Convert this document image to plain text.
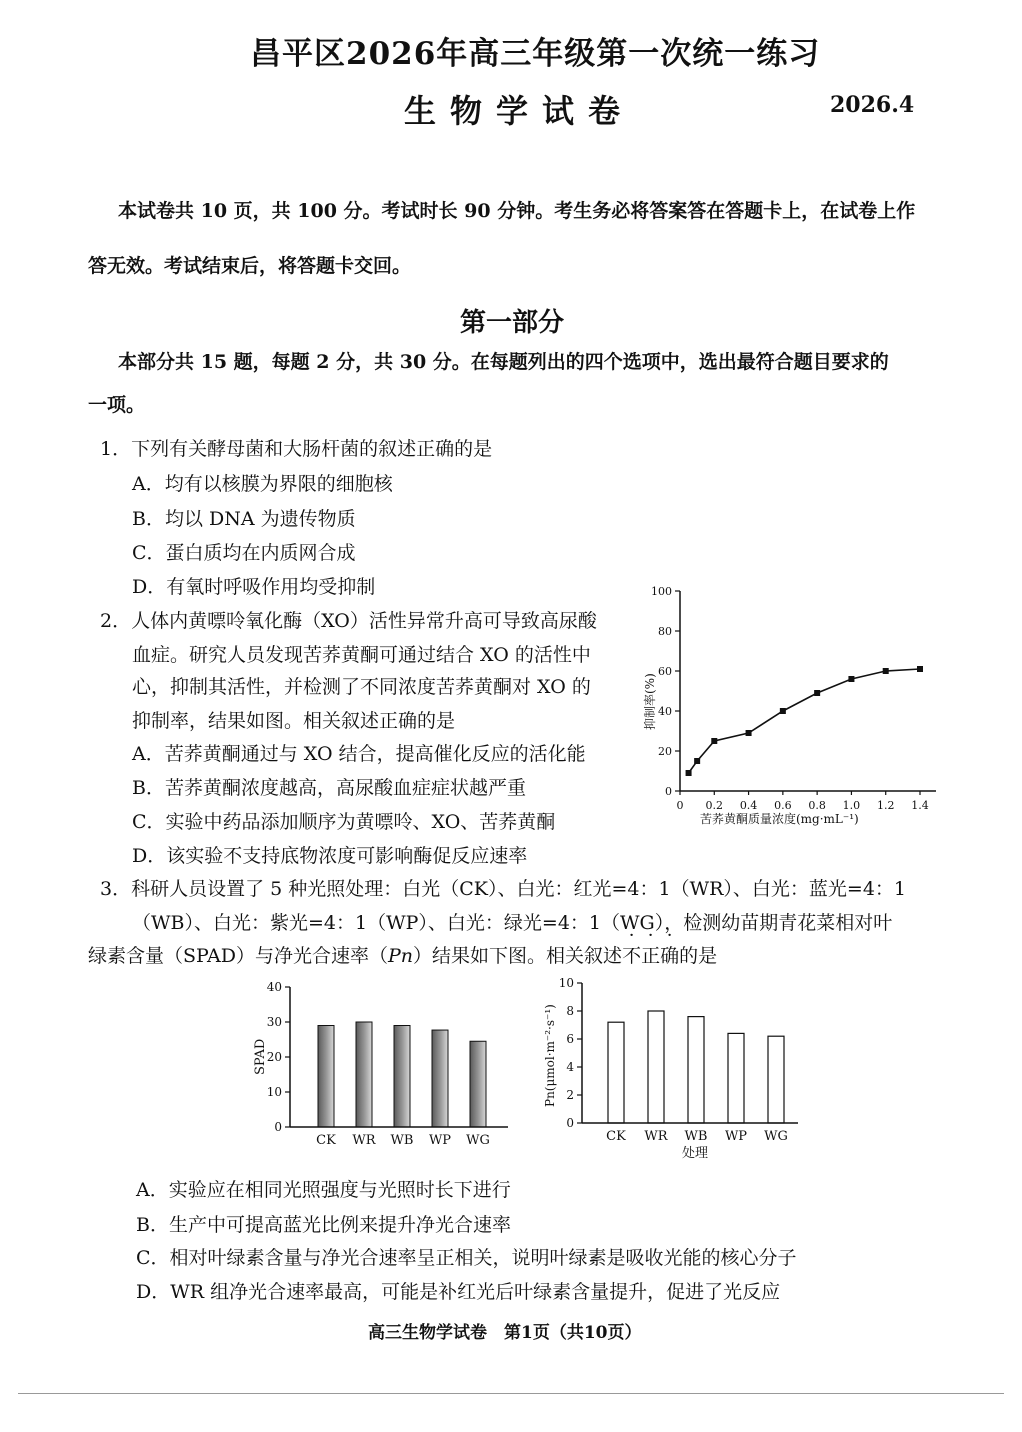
昌平区2026年高三年级第一次统一练习
生物学试卷	2026.4
本试卷共 10 页，共 100 分。考试时长 90 分钟。考生务必将答案答在答题卡上，在试卷上作
答无效。考试结束后，将答题卡交回。
第一部分
本部分共 15 题，每题 2 分，共 30 分。在每题列出的四个选项中，选出最符合题目要求的
一项。
1．下列有关酵母菌和大肠杆菌的叙述正确的是
A．均有以核膜为界限的细胞核
B．均以 DNA 为遗传物质
C．蛋白质均在内质网合成
D．有氧时呼吸作用均受抑制
2．人体内黄嘌呤氧化酶（XO）活性异常升高可导致高尿酸
血症。研究人员发现苦荞黄酮可通过结合 XO 的活性中
心，抑制其活性，并检测了不同浓度苦荞黄酮对 XO 的
抑制率，结果如图。相关叙述正确的是
A．苦荞黄酮通过与 XO 结合，提高催化反应的活化能
B．苦荞黄酮浓度越高，高尿酸血症症状越严重
C．实验中药品添加顺序为黄嘌呤、XO、苦荞黄酮
D．该实验不支持底物浓度可影响酶促反应速率
0
20
40
60
80
100
0 0.2 0.4 0.6 0.8 1.0 1.2 1.4
抑制率(%)
苦荞黄酮质量浓度(mg·mL⁻¹)
3．科研人员设置了 5 种光照处理：白光（CK）、白光：红光=4：1（WR）、白光：蓝光=4：1
（WB）、白光：紫光=4：1（WP）、白光：绿光=4：1（WG），检测幼苗期青花菜相对叶
绿素含量（SPAD）与净光合速率（Pn）结果如下图。相关叙述不正确的是
0
10
20
30
40
CK WR WB WP WG
SPAD
0
2
4
6
8
10
CK WR WB WP WG
Pn(μmol·m⁻²·s⁻¹)
处理
A．实验应在相同光照强度与光照时长下进行
B．生产中可提高蓝光比例来提升净光合速率
C．相对叶绿素含量与净光合速率呈正相关，说明叶绿素是吸收光能的核心分子
D．WR 组净光合速率最高，可能是补红光后叶绿素含量提升，促进了光反应
高三生物学试卷　第1页（共10页）
